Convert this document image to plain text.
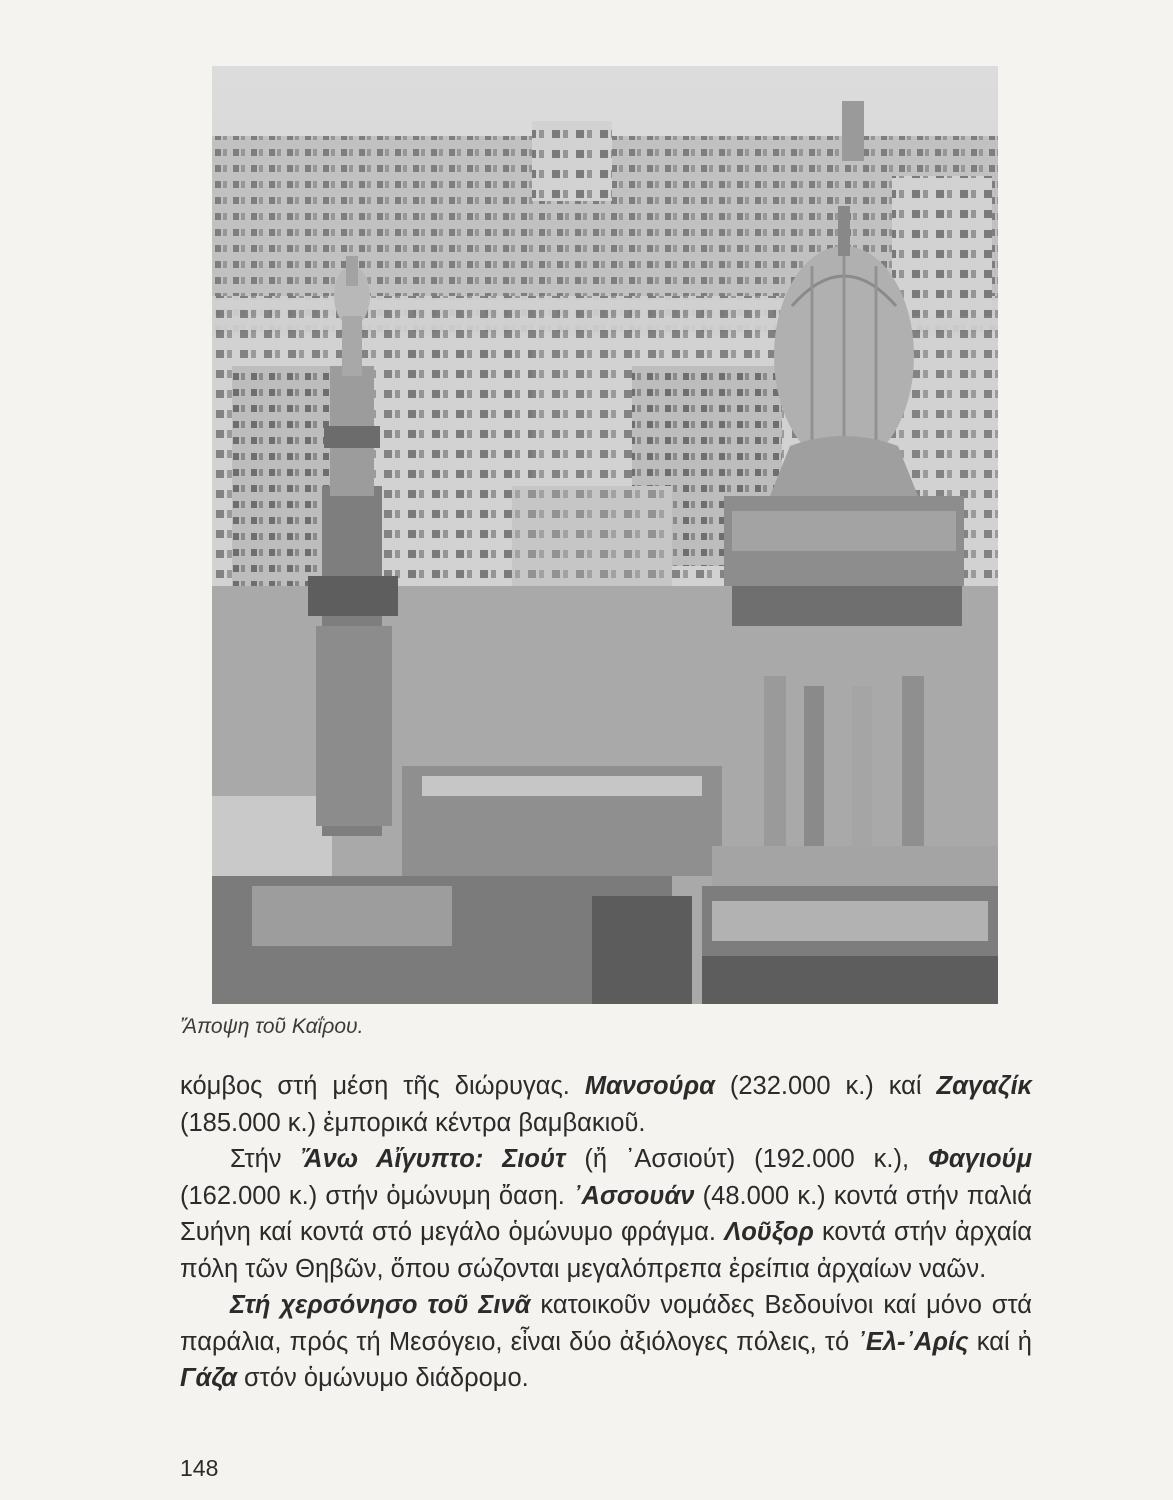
Ἄποψη τοῦ Καΐρου.

κόμβος στή μέση τῆς διώρυγας. Μανσούρα (232.000 κ.) καί Ζαγαζίκ (185.000 κ.) ἐμπορικά κέντρα βαμβακιοῦ.

Στήν Ἄνω Αἴγυπτο: Σιούτ (ἤ ᾿Ασσιούτ) (192.000 κ.), Φαγιούμ (162.000 κ.) στήν ὁμώνυμη ὄαση. ᾿Ασσουάν (48.000 κ.) κοντά στήν παλιά Συήνη καί κοντά στό μεγάλο ὁμώνυμο φράγμα. Λοῦξορ κοντά στήν ἀρχαία πόλη τῶν Θηβῶν, ὅπου σώζονται μεγαλόπρεπα ἐρείπια ἀρχαίων ναῶν.

Στή χερσόνησο τοῦ Σινᾶ κατοικοῦν νομάδες Βεδουίνοι καί μόνο στά παράλια, πρός τή Μεσόγειο, εἶναι δύο ἀξιόλογες πόλεις, τό ᾿Ελ-᾿Αρίς καί ἡ Γάζα στόν ὁμώνυμο διάδρομο.

148
